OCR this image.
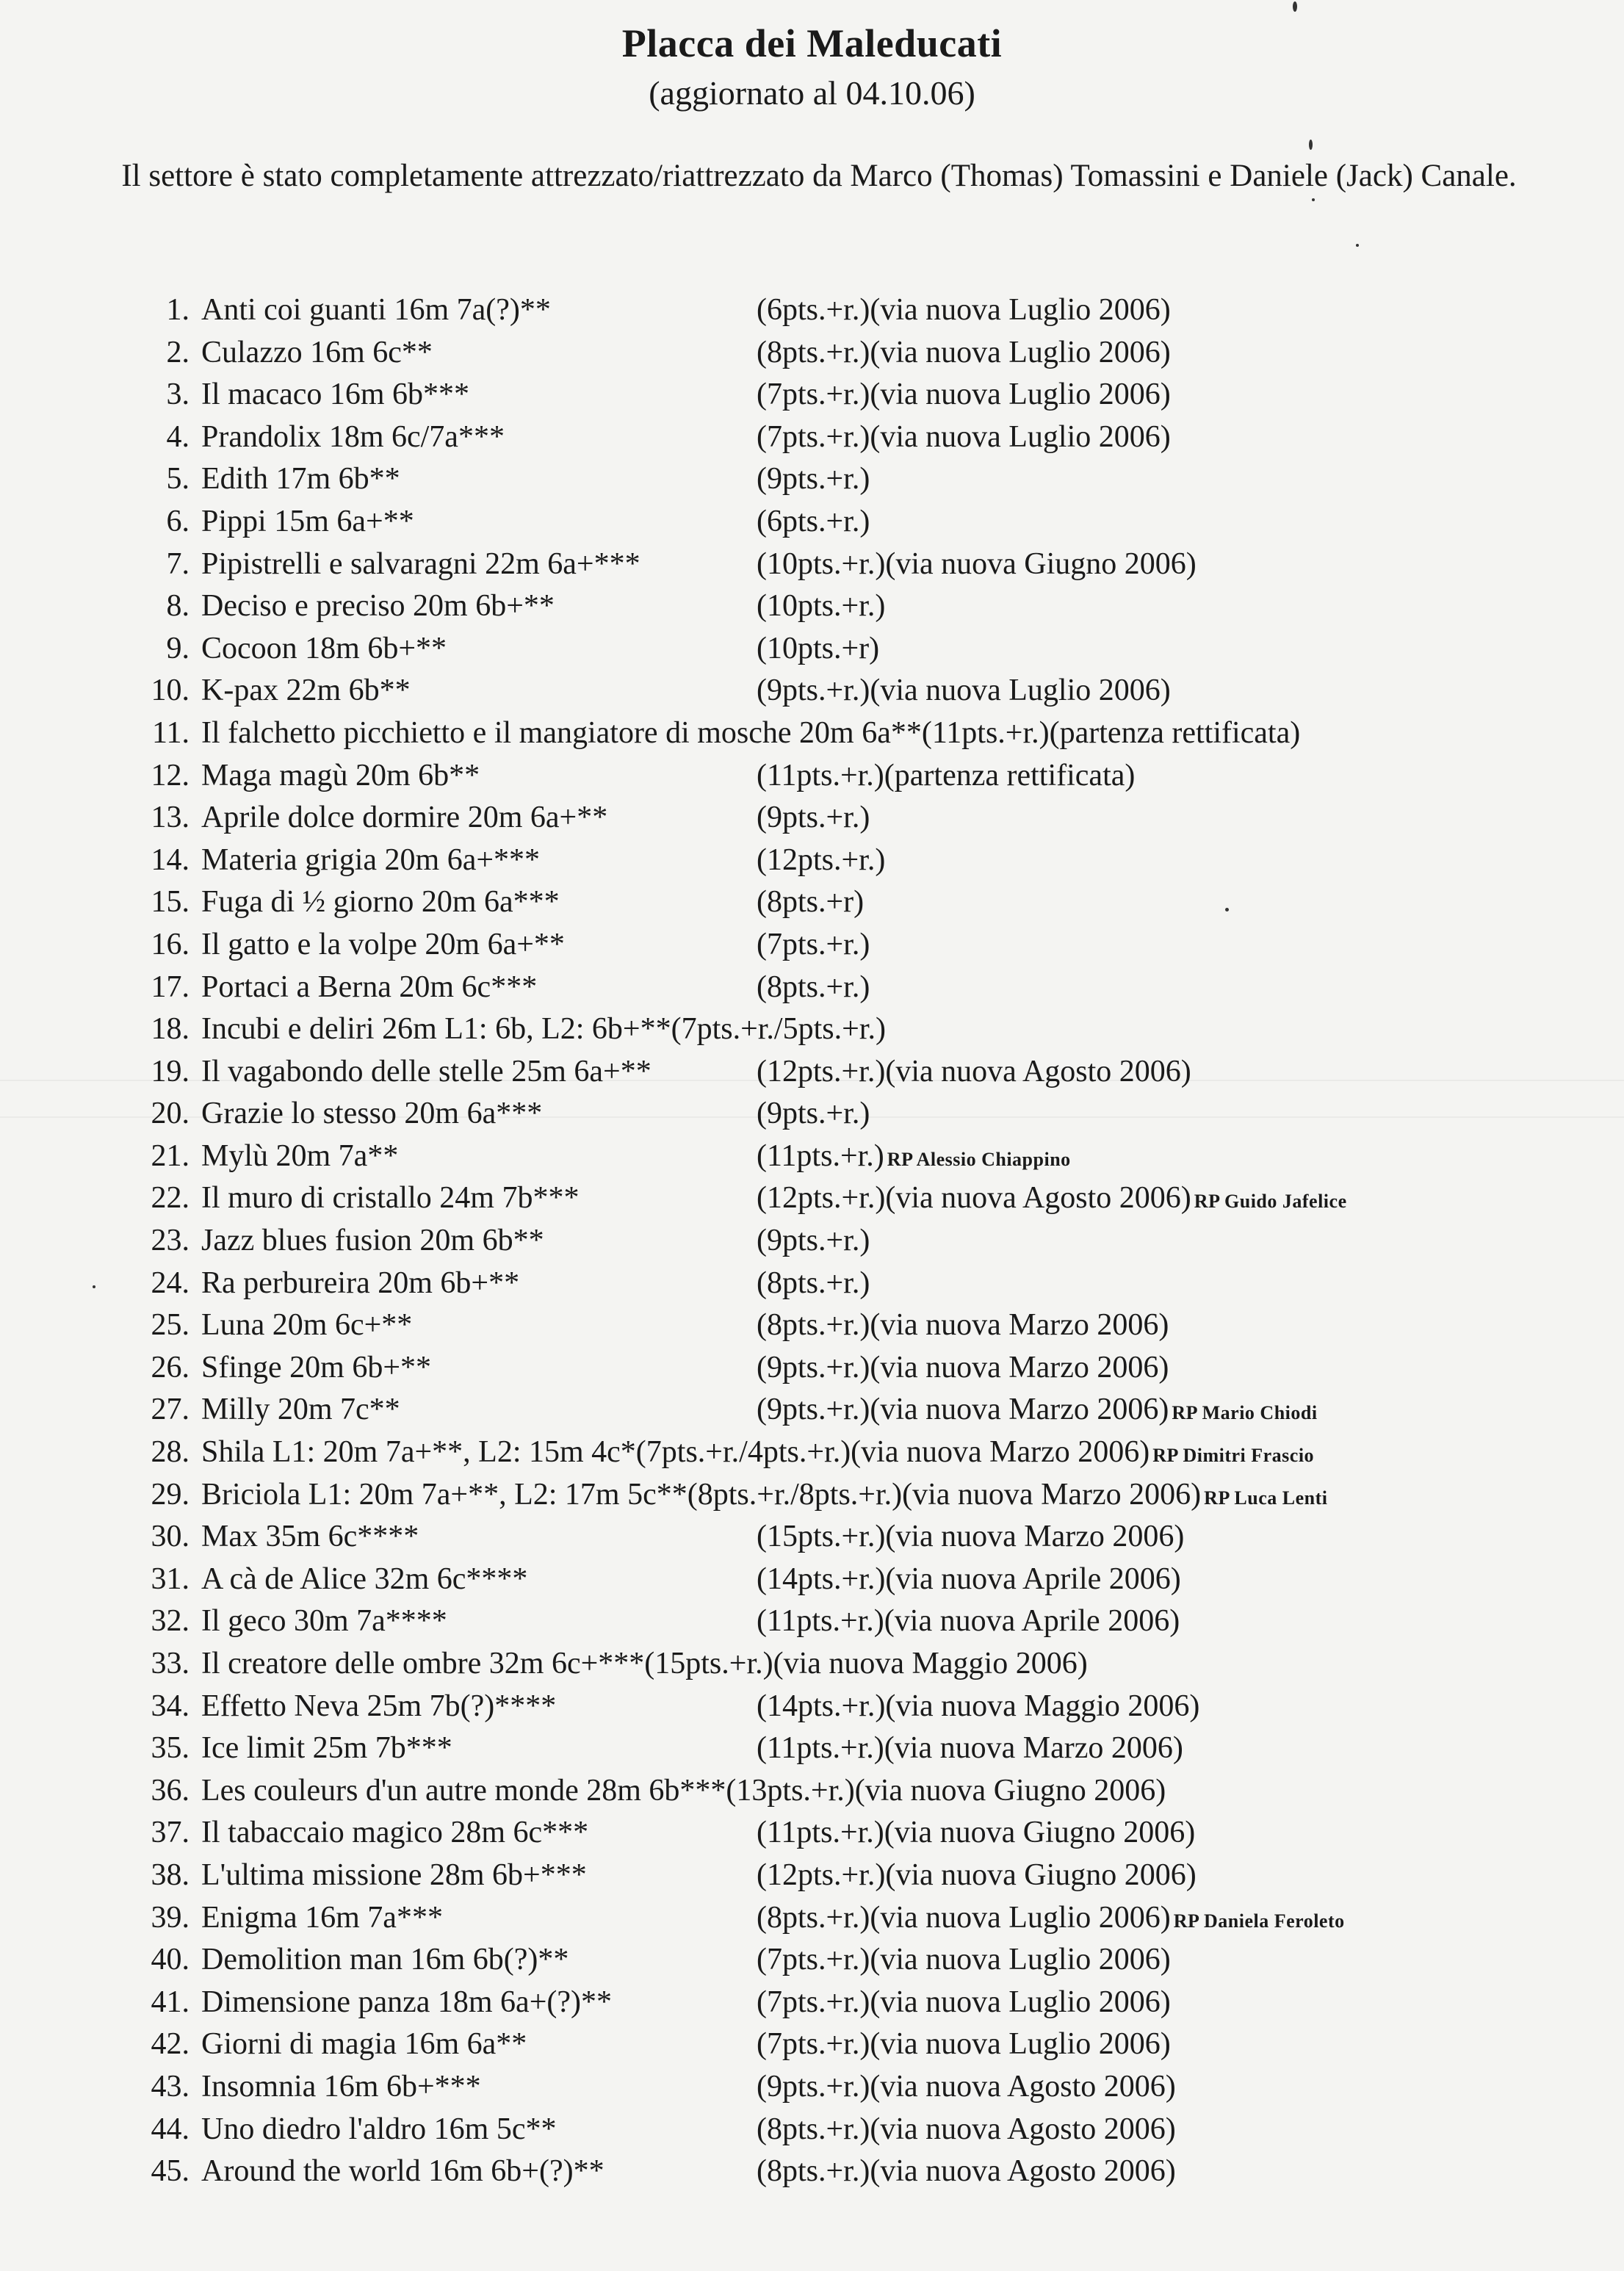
Placca dei Maleducati
(aggiornato al 04.10.06)
Il settore è stato completamente attrezzato/riattrezzato da Marco (Thomas) Tomassini e Daniele (Jack) Canale.
1. Anti coi guanti 16m 7a(?)**	(6pts.+r.)(via nuova Luglio 2006)
2. Culazzo 16m 6c**	(8pts.+r.)(via nuova Luglio 2006)
3. Il macaco 16m 6b***	(7pts.+r.)(via nuova Luglio 2006)
4. Prandolix 18m 6c/7a***	(7pts.+r.)(via nuova Luglio 2006)
5. Edith 17m 6b**	(9pts.+r.)
6. Pippi 15m 6a+**	(6pts.+r.)
7. Pipistrelli e salvaragni 22m 6a+***	(10pts.+r.)(via nuova Giugno 2006)
8. Deciso e preciso 20m 6b+**	(10pts.+r.)
9. Cocoon 18m 6b+**	(10pts.+r)
10. K-pax 22m 6b**	(9pts.+r.)(via nuova Luglio 2006)
11. Il falchetto picchietto e il mangiatore di mosche 20m 6a**(11pts.+r.)(partenza rettificata)
12. Maga magù 20m 6b**	(11pts.+r.)(partenza rettificata)
13. Aprile dolce dormire 20m 6a+**	(9pts.+r.)
14. Materia grigia 20m 6a+***	(12pts.+r.)
15. Fuga di ½ giorno 20m 6a***	(8pts.+r)
16. Il gatto e la volpe 20m 6a+**	(7pts.+r.)
17. Portaci a Berna 20m 6c***	(8pts.+r.)
18. Incubi e deliri 26m L1: 6b, L2: 6b+**(7pts.+r./5pts.+r.)
19. Il vagabondo delle stelle 25m 6a+**	(12pts.+r.)(via nuova Agosto 2006)
20. Grazie lo stesso 20m 6a***	(9pts.+r.)
21. Mylù 20m 7a**	(11pts.+r.) RP Alessio Chiappino
22. Il muro di cristallo 24m 7b***	(12pts.+r.)(via nuova Agosto 2006) RP Guido Jafelice
23. Jazz blues fusion 20m 6b**	(9pts.+r.)
24. Ra perbureira 20m 6b+**	(8pts.+r.)
25. Luna 20m 6c+**	(8pts.+r.)(via nuova Marzo 2006)
26. Sfinge 20m 6b+**	(9pts.+r.)(via nuova Marzo 2006)
27. Milly 20m 7c**	(9pts.+r.)(via nuova Marzo 2006) RP Mario Chiodi
28. Shila L1: 20m 7a+**, L2: 15m 4c*(7pts.+r./4pts.+r.)(via nuova Marzo 2006) RP Dimitri Frascio
29. Briciola L1: 20m 7a+**, L2: 17m 5c**(8pts.+r./8pts.+r.)(via nuova Marzo 2006) RP Luca Lenti
30. Max 35m 6c****	(15pts.+r.)(via nuova Marzo 2006)
31. A cà de Alice 32m 6c****	(14pts.+r.)(via nuova Aprile 2006)
32. Il geco 30m 7a****	(11pts.+r.)(via nuova Aprile 2006)
33. Il creatore delle ombre 32m 6c+***(15pts.+r.)(via nuova Maggio 2006)
34. Effetto Neva 25m 7b(?)****	(14pts.+r.)(via nuova Maggio 2006)
35. Ice limit 25m 7b***	(11pts.+r.)(via nuova Marzo 2006)
36. Les couleurs d'un autre monde 28m 6b***(13pts.+r.)(via nuova Giugno 2006)
37. Il tabaccaio magico 28m 6c***	(11pts.+r.)(via nuova Giugno 2006)
38. L'ultima missione 28m 6b+***	(12pts.+r.)(via nuova Giugno 2006)
39. Enigma 16m 7a***	(8pts.+r.)(via nuova Luglio 2006) RP Daniela Feroleto
40. Demolition man 16m 6b(?)**	(7pts.+r.)(via nuova Luglio 2006)
41. Dimensione panza 18m 6a+(?)**	(7pts.+r.)(via nuova Luglio 2006)
42. Giorni di magia 16m 6a**	(7pts.+r.)(via nuova Luglio 2006)
43. Insomnia 16m 6b+***	(9pts.+r.)(via nuova Agosto 2006)
44. Uno diedro l'aldro 16m 5c**	(8pts.+r.)(via nuova Agosto 2006)
45. Around the world 16m 6b+(?)**	(8pts.+r.)(via nuova Agosto 2006)
